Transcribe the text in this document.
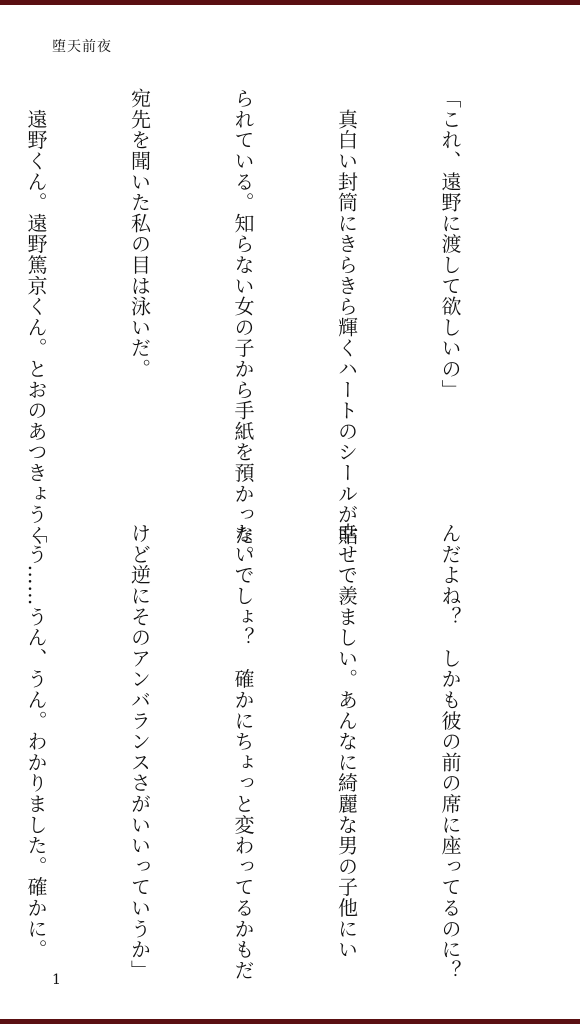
堕天前夜

「これ、遠野に渡して欲しいの」

　真白い封筒にきらきら輝くハートのシールが貼

られている。知らない女の子から手紙を預かった。

宛先を聞いた私の目は泳いだ。

　遠野くん。遠野篤京くん。とおのあつきょうく

んだよね？　しかも彼の前の席に座ってるのに？

幸せで羨ましい。あんなに綺麗な男の子他にい

ないでしょ？　確かにちょっと変わってるかもだ

けど逆にそのアンバランスさがいいっていうか」

「う……うん、うん。わかりました。確かに。

1
